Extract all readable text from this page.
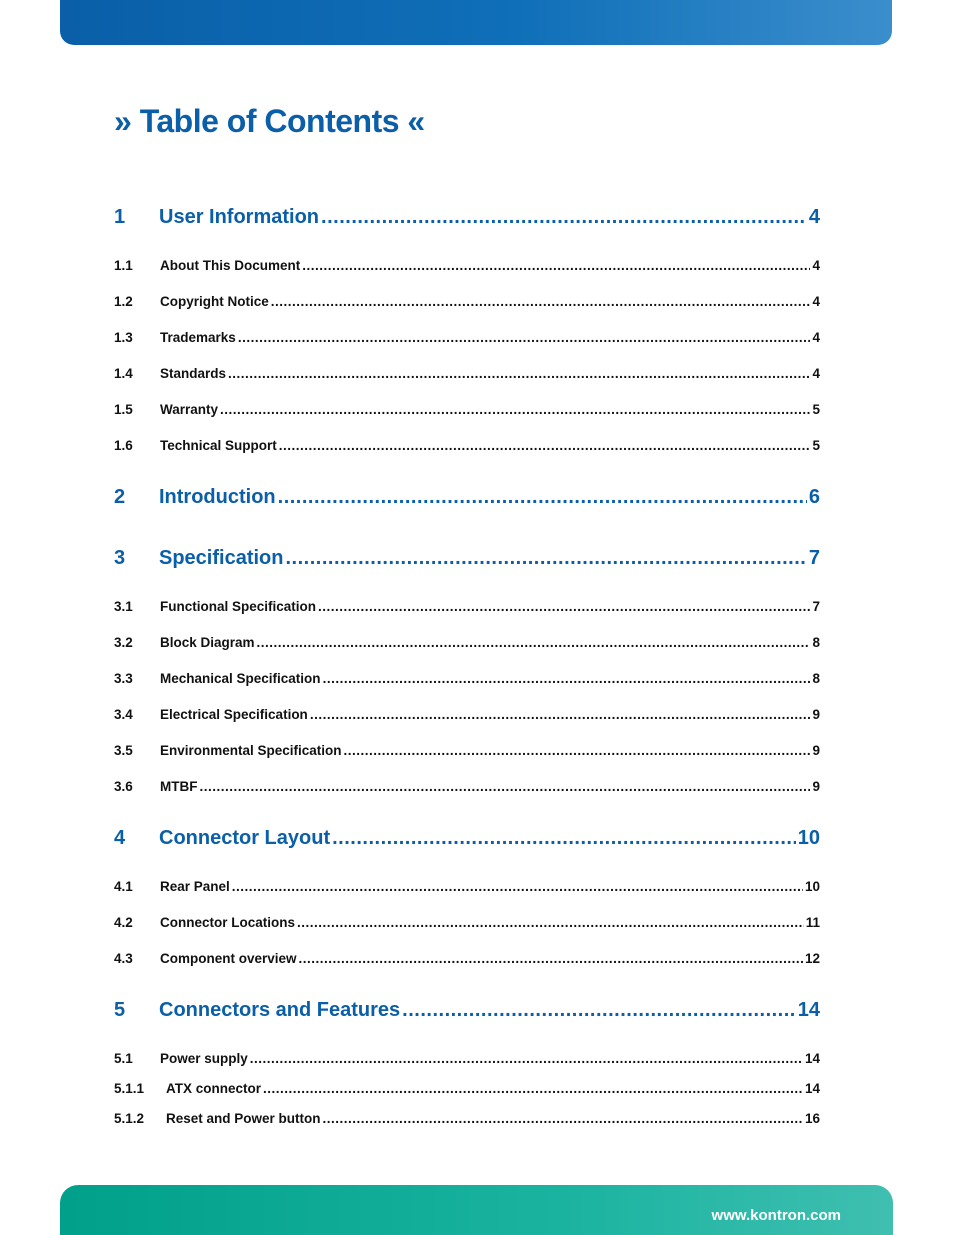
» Table of Contents «
1	User Information .....	4
1.1	About This Document .....	4
1.2	Copyright Notice .....	4
1.3	Trademarks .....	4
1.4	Standards .....	4
1.5	Warranty .....	5
1.6	Technical Support .....	5
2	Introduction .....	6
3	Specification .....	7
3.1	Functional Specification .....	7
3.2	Block Diagram .....	8
3.3	Mechanical Specification .....	8
3.4	Electrical Specification .....	9
3.5	Environmental Specification .....	9
3.6	MTBF .....	9
4	Connector Layout .....	10
4.1	Rear Panel .....	10
4.2	Connector Locations .....	11
4.3	Component overview .....	12
5	Connectors and Features .....	14
5.1	Power supply .....	14
5.1.1	ATX connector .....	14
5.1.2	Reset and Power button .....	16
www.kontron.com
